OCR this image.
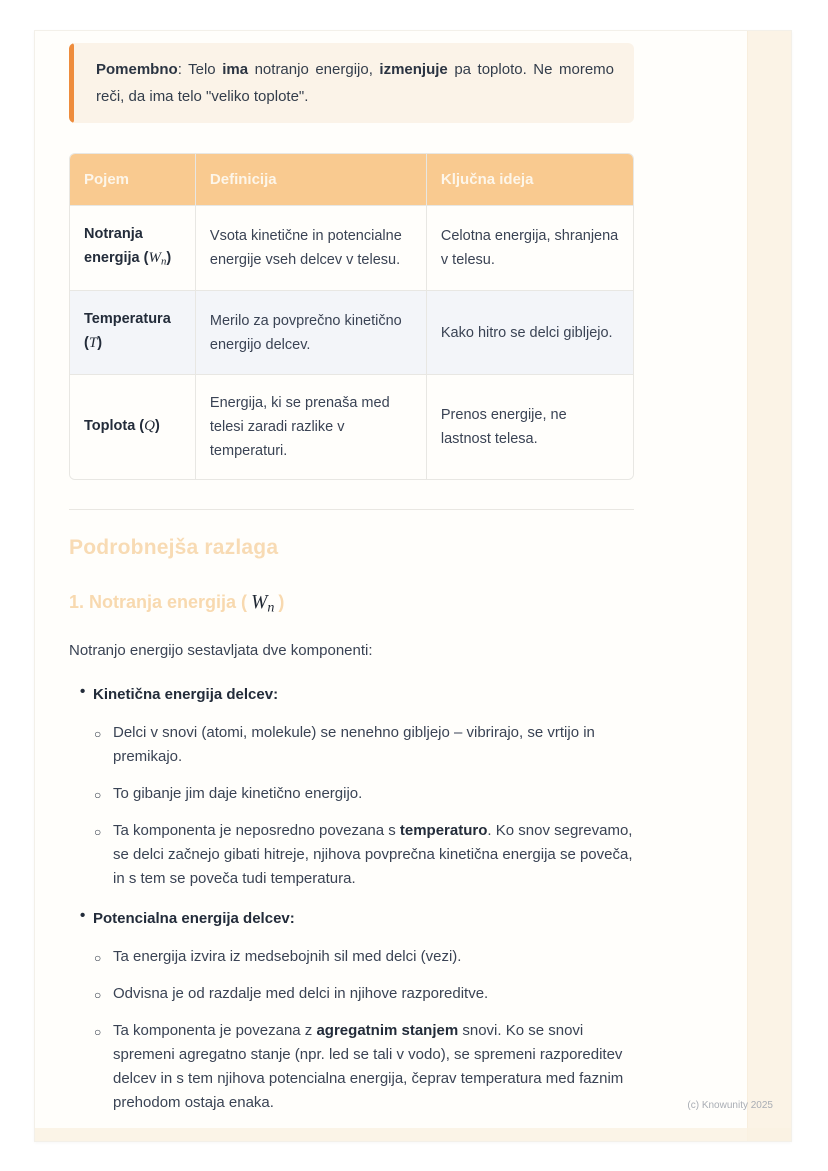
Pomembno: Telo ima notranjo energijo, izmenjuje pa toploto. Ne moremo reči, da ima telo "veliko toplote".
Pojem	Definicija	Ključna ideja
Notranja energija $(W_n)$	Vsota kinetične in potencialne energije vseh delcev v telesu.	Celotna energija, shranjena v telesu.
Temperatura (T)	Merilo za povprečno kinetično energijo delcev.	Kako hitro se delci gibljejo.
Toplota (Q)	Energija, ki se prenaša med telesi zaradi razlike v temperaturi.	Prenos energije, ne lastnost telesa.
Podrobnejša razlaga
1. Notranja energija ( $W_n$ )

Notranjo energijo sestavljata dve komponenti:

• Kinetična energija delcev:
○ Delci v snovi (atomi, molekule) se nenehno gibljejo – vibrirajo, se vrtijo in premikajo.
○ To gibanje jim daje kinetično energijo.
○ Ta komponenta je neposredno povezana s temperaturo. Ko snov segrevamo, se delci začnejo gibati hitreje, njihova povprečna kinetična energija se poveča, in s tem se poveča tudi temperatura.
• Potencialna energija delcev:
○ Ta energija izvira iz medsebojnih sil med delci (vezi).
○ Odvisna je od razdalje med delci in njihove razporeditve.
○ Ta komponenta je povezana z agregatnim stanjem snovi. Ko se snovi spremeni agregatno stanje (npr. led se tali v vodo), se spremeni razporeditev delcev in s tem njihova potencialna energija, čeprav temperatura med faznim prehodom ostaja enaka.	(c) Knowunity 2025
